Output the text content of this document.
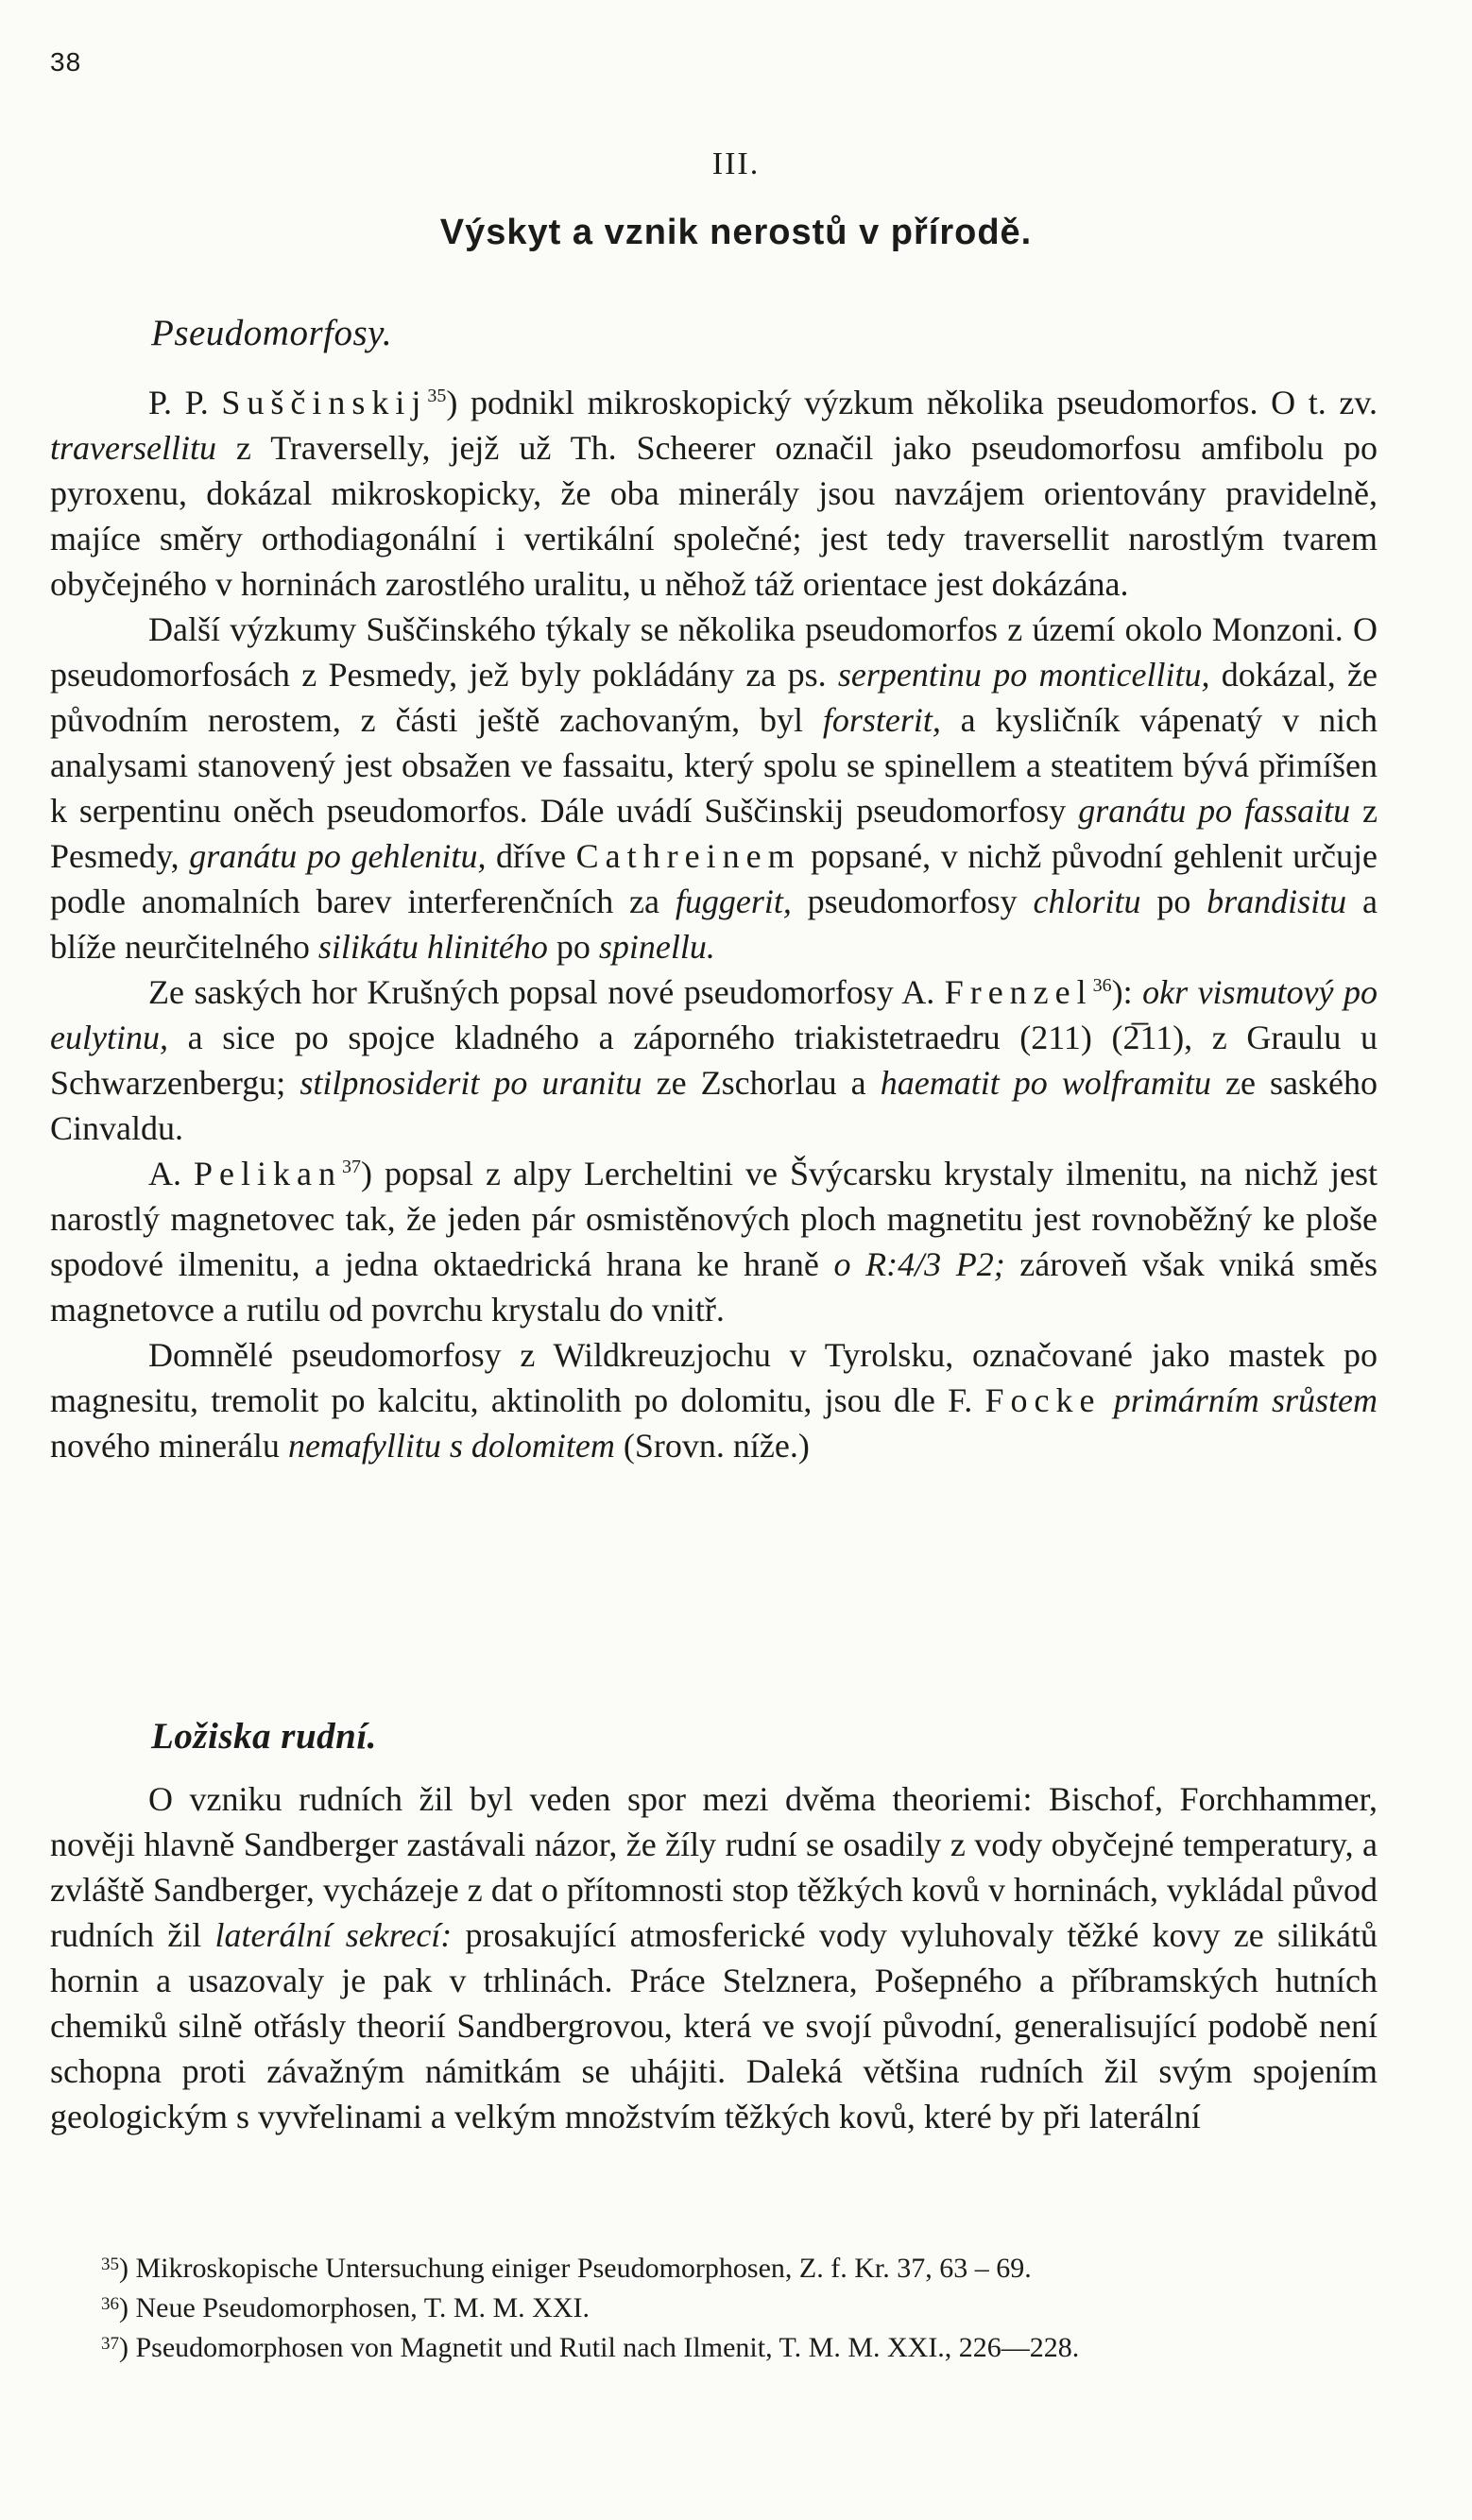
38
III.
Výskyt a vznik nerostů v přírodě.
Pseudomorfosy.

P. P. Suščinskij$^{35}$) podnikl mikroskopický výzkum několika pseudomorfos. O t. zv. traversellitu z Traverselly, jejž už Th. Scheerer označil jako pseudomorfosu amfibolu po pyroxenu, dokázal mikroskopicky, že oba minerály jsou navzájem orientovány pravidelně, majíce směry orthodiagonální i vertikální společné; jest tedy traversellit narostlým tvarem obyčejného v horninách zarostlého uralitu, u něhož táž orientace jest dokázána.

Další výzkumy Suščinského týkaly se několika pseudomorfos z území okolo Monzoni. O pseudomorfosách z Pesmedy, jež byly pokládány za ps. serpentinu po monticellitu, dokázal, že původním nerostem, z části ještě zachovaným, byl forsterit, a kysličník vápenatý v nich analysami stanovený jest obsažen ve fassaitu, který spolu se spinellem a steatitem bývá přimíšen k serpentinu oněch pseudomorfos. Dále uvádí Suščinskij pseudomorfosy granátu po fassaitu z Pesmedy, granátu po gehlenitu, dříve Cathreinem popsané, v nichž původní gehlenit určuje podle anomalních barev interferenčních za fuggerit, pseudomorfosy chloritu po brandisitu a blíže neurčitelného silikátu hlinitého po spinellu.

Ze saských hor Krušných popsal nové pseudomorfosy A. Frenzel$^{36}$): okr vismutový po eulytinu, a sice po spojce kladného a záporného triakistetraedru (211) (2̅11), z Graulu u Schwarzenbergu; stilpnosiderit po uranitu ze Zschorlau a haematit po wolframitu ze saského Cinvaldu.

A. Pelikan$^{37}$) popsal z alpy Lercheltini ve Švýcarsku krystaly ilmenitu, na nichž jest narostlý magnetovec tak, že jeden pár osmistěnových ploch magnetitu jest rovnoběžný ke ploše spodové ilmenitu, a jedna oktaedrická hrana ke hraně o R:4/3 P2; zároveň však vniká směs magnetovce a rutilu od povrchu krystalu do vnitř.

Domnělé pseudomorfosy z Wildkreuzjochu v Tyrolsku, označované jako mastek po magnesitu, tremolit po kalcitu, aktinolith po dolomitu, jsou dle F. Focke primárním srůstem nového minerálu nemafyllitu s dolomitem (Srovn. níže.)

Ložiska rudní.

O vzniku rudních žil byl veden spor mezi dvěma theoriemi: Bischof, Forchhammer, nověji hlavně Sandberger zastávali názor, že žíly rudní se osadily z vody obyčejné temperatury, a zvláště Sandberger, vycházeje z dat o přítomnosti stop těžkých kovů v horninách, vykládal původ rudních žil laterální sekrecí: prosakující atmosferické vody vyluhovaly těžké kovy ze silikátů hornin a usazovaly je pak v trhlinách. Práce Stelznera, Pošepného a příbramských hutních chemiků silně otřásly theorií Sandbergrovou, která ve svojí původní, generalisující podobě není schopna proti závažným námitkám se uhájiti. Daleká většina rudních žil svým spojením geologickým s vyvřelinami a velkým množstvím těžkých kovů, které by při laterální

$^{35}$) Mikroskopische Untersuchung einiger Pseudomorphosen, Z. f. Kr. 37, 63 – 69.

$^{36}$) Neue Pseudomorphosen, T. M. M. XXI.

$^{37}$) Pseudomorphosen von Magnetit und Rutil nach Ilmenit, T. M. M. XXI., 226—228.
